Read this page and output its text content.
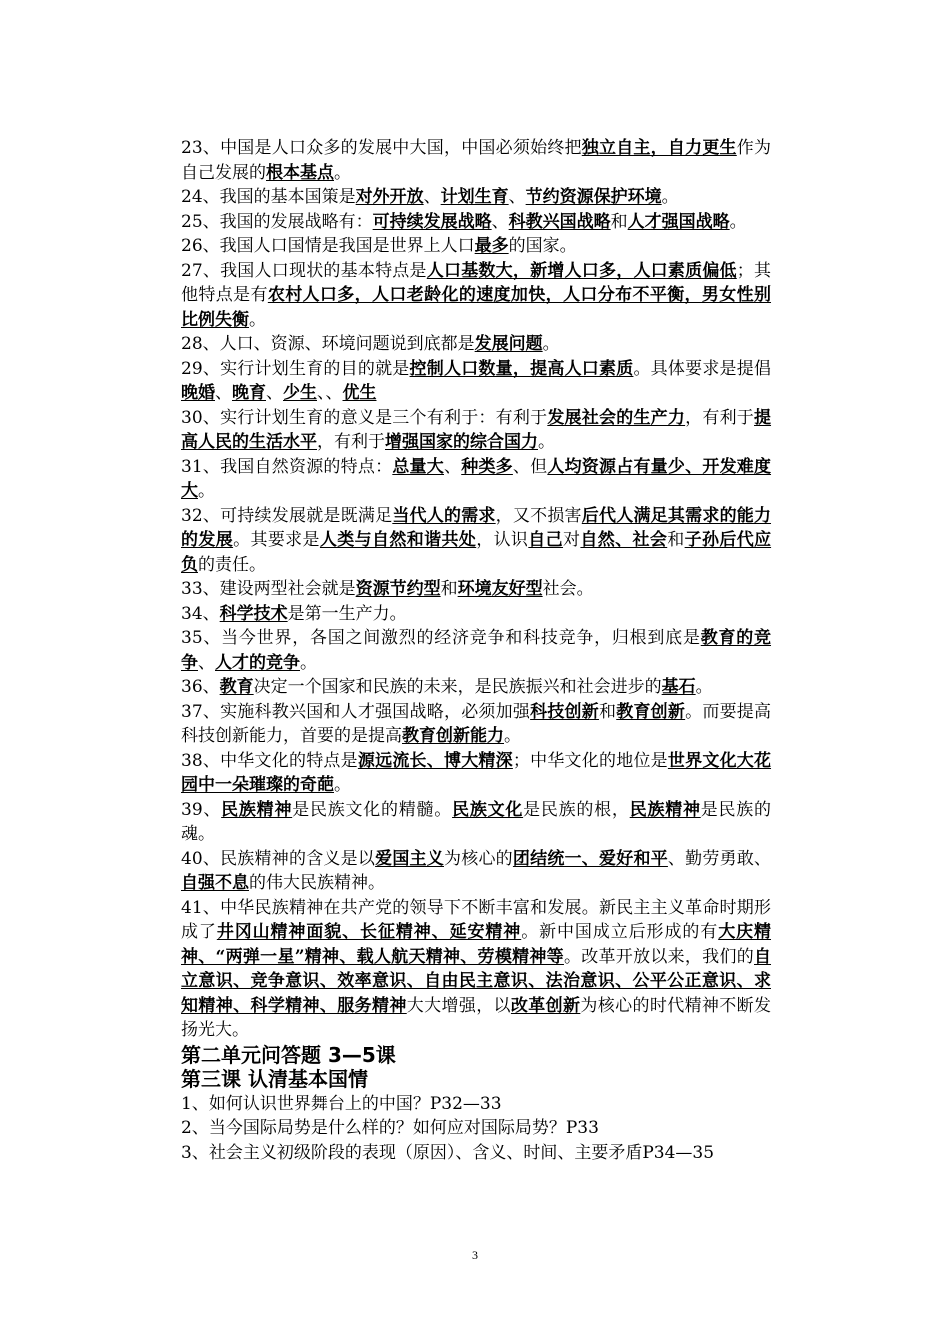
23、中国是人口众多的发展中大国，中国必须始终把独立自主，自力更生作为自己发展的根本基点。

24、我国的基本国策是对外开放、计划生育、节约资源保护环境。

25、我国的发展战略有：可持续发展战略、科教兴国战略和人才强国战略。

26、我国人口国情是我国是世界上人口最多的国家。

27、我国人口现状的基本特点是人口基数大，新增人口多，人口素质偏低；其他特点是有农村人口多，人口老龄化的速度加快，人口分布不平衡，男女性别比例失衡。

28、人口、资源、环境问题说到底都是发展问题。

29、实行计划生育的目的就是控制人口数量，提高人口素质。具体要求是提倡晚婚、晚育、少生、、优生

30、实行计划生育的意义是三个有利于：有利于发展社会的生产力，有利于提高人民的生活水平，有利于增强国家的综合国力。

31、我国自然资源的特点：总量大、种类多、但人均资源占有量少、开发难度大。

32、可持续发展就是既满足当代人的需求，又不损害后代人满足其需求的能力的发展。其要求是人类与自然和谐共处，认识自己对自然、社会和子孙后代应负的责任。

33、建设两型社会就是资源节约型和环境友好型社会。

34、科学技术是第一生产力。

35、当今世界，各国之间激烈的经济竞争和科技竞争，归根到底是教育的竞争、人才的竞争。

36、教育决定一个国家和民族的未来，是民族振兴和社会进步的基石。

37、实施科教兴国和人才强国战略，必须加强科技创新和教育创新。而要提高科技创新能力，首要的是提高教育创新能力。

38、中华文化的特点是源远流长、博大精深；中华文化的地位是世界文化大花园中一朵璀璨的奇葩。

39、民族精神是民族文化的精髓。民族文化是民族的根，民族精神是民族的魂。

40、民族精神的含义是以爱国主义为核心的团结统一、爱好和平、勤劳勇敢、自强不息的伟大民族精神。

41、中华民族精神在共产党的领导下不断丰富和发展。新民主主义革命时期形成了井冈山精神面貌、长征精神、延安精神。新中国成立后形成的有大庆精神、“两弹一星”精神、载人航天精神、劳模精神等。改革开放以来，我们的自立意识、竞争意识、效率意识、自由民主意识、法治意识、公平公正意识、求知精神、科学精神、服务精神大大增强，以改革创新为核心的时代精神不断发扬光大。

第二单元问答题 3—5课
第三课 认清基本国情

1、如何认识世界舞台上的中国？P32—33

2、当今国际局势是什么样的？如何应对国际局势？P33

3、社会主义初级阶段的表现（原因）、含义、时间、主要矛盾P34—35

3
